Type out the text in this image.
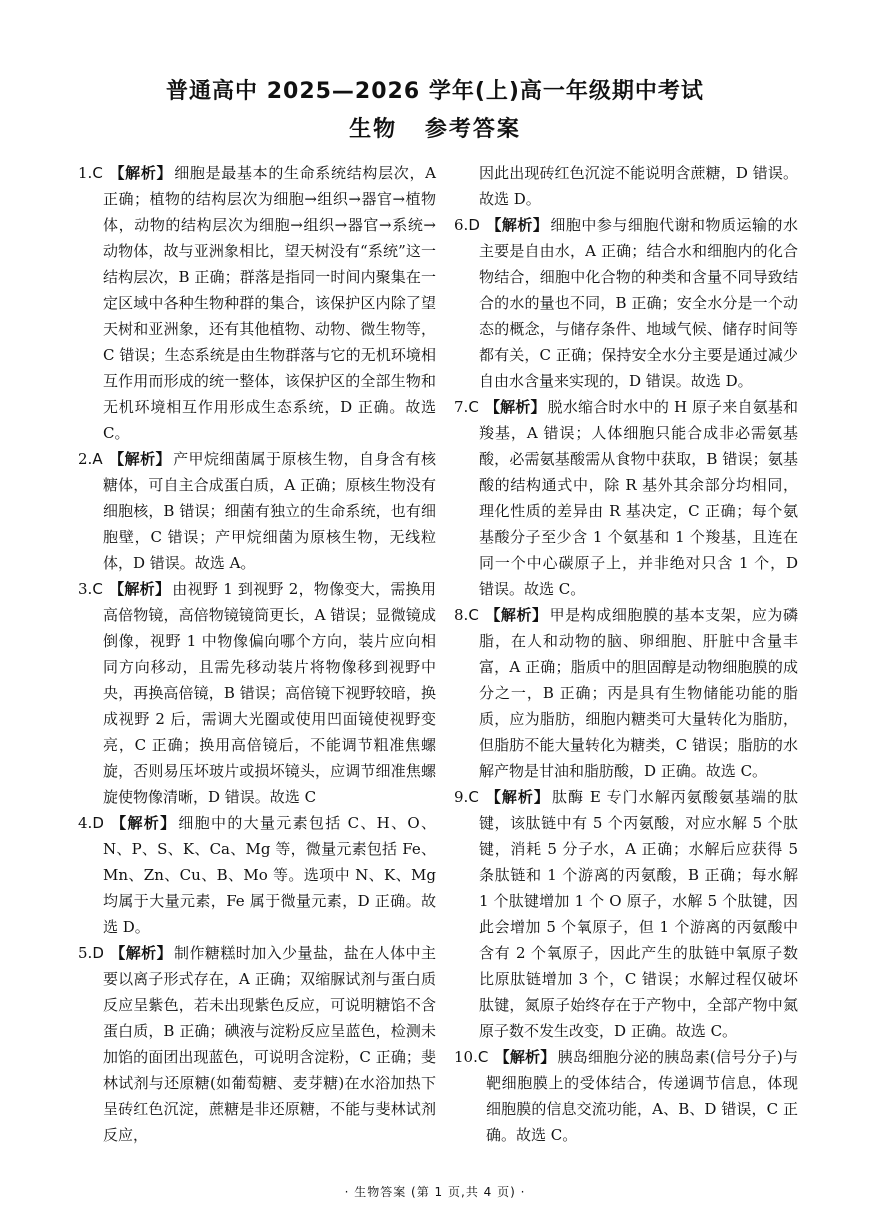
普通高中 2025—2026 学年(上)高一年级期中考试
生物 参考答案

1.C 【解析】 细胞是最基本的生命系统结构层次，A 正确；植物的结构层次为细胞→组织→器官→植物体，动物的结构层次为细胞→组织→器官→系统→动物体，故与亚洲象相比，望天树没有“系统”这一结构层次，B 正确；群落是指同一时间内聚集在一定区域中各种生物种群的集合，该保护区内除了望天树和亚洲象，还有其他植物、动物、微生物等，C 错误；生态系统是由生物群落与它的无机环境相互作用而形成的统一整体，该保护区的全部生物和无机环境相互作用形成生态系统，D 正确。故选 C。

2.A 【解析】 产甲烷细菌属于原核生物，自身含有核糖体，可自主合成蛋白质，A 正确；原核生物没有细胞核，B 错误；细菌有独立的生命系统，也有细胞壁，C 错误；产甲烷细菌为原核生物，无线粒体，D 错误。故选 A。

3.C 【解析】 由视野 1 到视野 2，物像变大，需换用高倍物镜，高倍物镜镜筒更长，A 错误；显微镜成倒像，视野 1 中物像偏向哪个方向，装片应向相同方向移动，且需先移动装片将物像移到视野中央，再换高倍镜，B 错误；高倍镜下视野较暗，换成视野 2 后，需调大光圈或使用凹面镜使视野变亮，C 正确；换用高倍镜后，不能调节粗准焦螺旋，否则易压坏玻片或损坏镜头，应调节细准焦螺旋使物像清晰，D 错误。故选 C

4.D 【解析】 细胞中的大量元素包括 C、H、O、N、P、S、K、Ca、Mg 等，微量元素包括 Fe、Mn、Zn、Cu、B、Mo 等。选项中 N、K、Mg 均属于大量元素，Fe 属于微量元素，D 正确。故选 D。

5.D 【解析】 制作糖糕时加入少量盐，盐在人体中主要以离子形式存在，A 正确；双缩脲试剂与蛋白质反应呈紫色，若未出现紫色反应，可说明糖馅不含蛋白质，B 正确；碘液与淀粉反应呈蓝色，检测未加馅的面团出现蓝色，可说明含淀粉，C 正确；斐林试剂与还原糖(如葡萄糖、麦芽糖)在水浴加热下呈砖红色沉淀，蔗糖是非还原糖，不能与斐林试剂反应，

因此出现砖红色沉淀不能说明含蔗糖，D 错误。故选 D。

6.D 【解析】 细胞中参与细胞代谢和物质运输的水主要是自由水，A 正确；结合水和细胞内的化合物结合，细胞中化合物的种类和含量不同导致结合的水的量也不同，B 正确；安全水分是一个动态的概念，与储存条件、地域气候、储存时间等都有关，C 正确；保持安全水分主要是通过减少自由水含量来实现的，D 错误。故选 D。

7.C 【解析】 脱水缩合时水中的 H 原子来自氨基和羧基，A 错误；人体细胞只能合成非必需氨基酸，必需氨基酸需从食物中获取，B 错误；氨基酸的结构通式中，除 R 基外其余部分均相同，理化性质的差异由 R 基决定，C 正确；每个氨基酸分子至少含 1 个氨基和 1 个羧基，且连在同一个中心碳原子上，并非绝对只含 1 个，D 错误。故选 C。

8.C 【解析】 甲是构成细胞膜的基本支架，应为磷脂，在人和动物的脑、卵细胞、肝脏中含量丰富，A 正确；脂质中的胆固醇是动物细胞膜的成分之一，B 正确；丙是具有生物储能功能的脂质，应为脂肪，细胞内糖类可大量转化为脂肪，但脂肪不能大量转化为糖类，C 错误；脂肪的水解产物是甘油和脂肪酸，D 正确。故选 C。

9.C 【解析】 肽酶 E 专门水解丙氨酸氨基端的肽键，该肽链中有 5 个丙氨酸，对应水解 5 个肽键，消耗 5 分子水，A 正确；水解后应获得 5 条肽链和 1 个游离的丙氨酸，B 正确；每水解 1 个肽键增加 1 个 O 原子，水解 5 个肽键，因此会增加 5 个氧原子，但 1 个游离的丙氨酸中含有 2 个氧原子，因此产生的肽链中氧原子数比原肽链增加 3 个，C 错误；水解过程仅破坏肽键，氮原子始终存在于产物中，全部产物中氮原子数不发生改变，D 正确。故选 C。

10.C 【解析】 胰岛细胞分泌的胰岛素(信号分子)与靶细胞膜上的受体结合，传递调节信息，体现细胞膜的信息交流功能，A、B、D 错误，C 正确。故选 C。

· 生物答案 (第 1 页,共 4 页) ·
